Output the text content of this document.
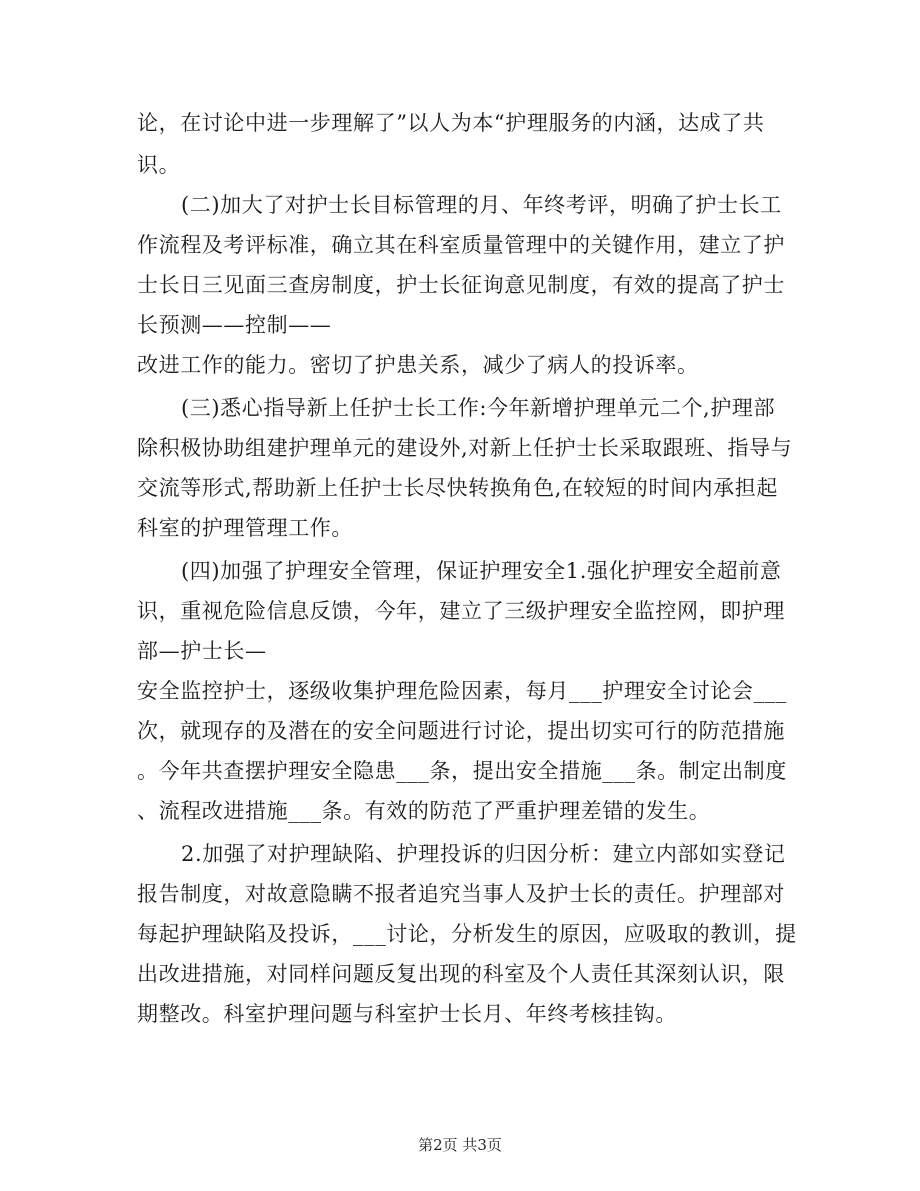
论，在讨论中进一步理解了”以人为本“护理服务的内涵，达成了共
识。
(二)加大了对护士长目标管理的月、年终考评，明确了护士长工
作流程及考评标准，确立其在科室质量管理中的关键作用，建立了护
士长日三见面三查房制度，护士长征询意见制度，有效的提高了护士
长预测——控制——
改进工作的能力。密切了护患关系，减少了病人的投诉率。
(三)悉心指导新上任护士长工作:今年新增护理单元二个,护理部
除积极协助组建护理单元的建设外,对新上任护士长采取跟班、指导与
交流等形式,帮助新上任护士长尽快转换角色,在较短的时间内承担起
科室的护理管理工作。
(四)加强了护理安全管理，保证护理安全1.强化护理安全超前意
识，重视危险信息反馈，今年，建立了三级护理安全监控网，即护理
部—护士长—
安全监控护士，逐级收集护理危险因素，每月___护理安全讨论会___
次，就现存的及潜在的安全问题进行讨论，提出切实可行的防范措施
。今年共查摆护理安全隐患___条，提出安全措施___条。制定出制度
、流程改进措施___条。有效的防范了严重护理差错的发生。
2.加强了对护理缺陷、护理投诉的归因分析：建立内部如实登记
报告制度，对故意隐瞒不报者追究当事人及护士长的责任。护理部对
每起护理缺陷及投诉，___讨论，分析发生的原因，应吸取的教训，提
出改进措施，对同样问题反复出现的科室及个人责任其深刻认识，限
期整改。科室护理问题与科室护士长月、年终考核挂钩。
第2页 共3页
